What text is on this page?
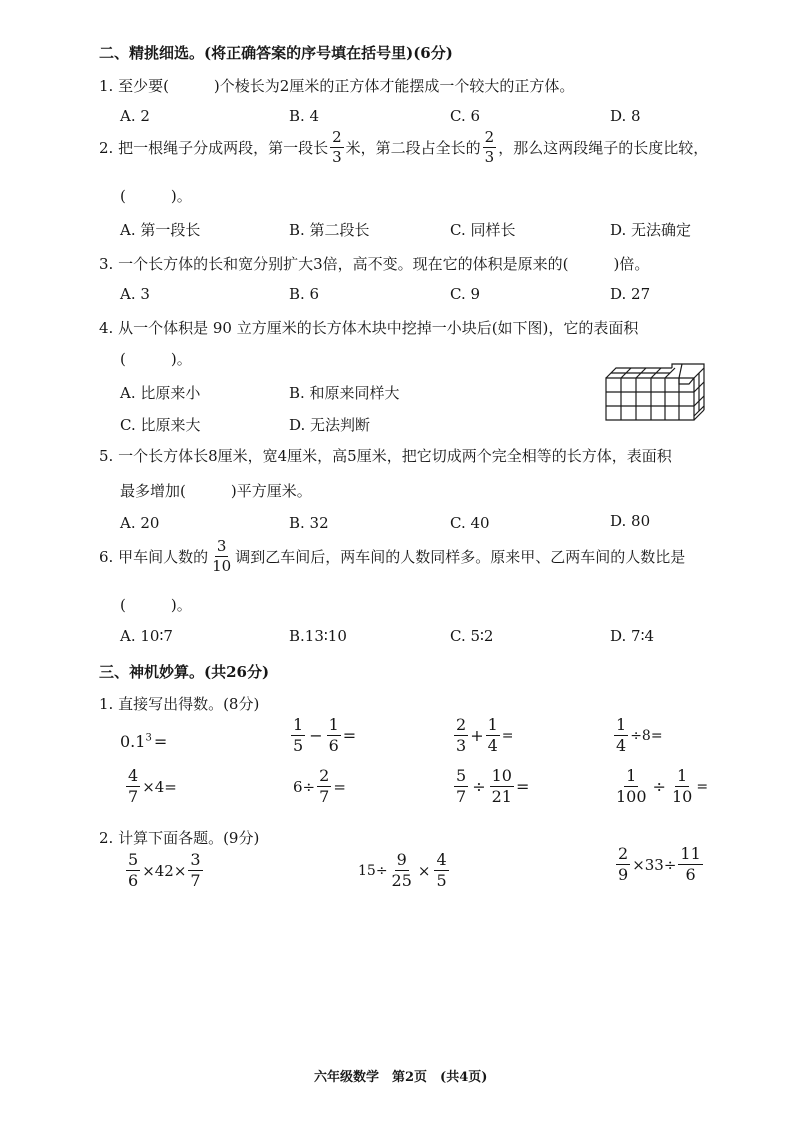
二、精挑细选。(将正确答案的序号填在括号里)(6分)
1. 至少要(　　　)个棱长为2厘米的正方体才能摆成一个较大的正方体。
A. 2	B. 4	C. 6	D. 8
2. 把一根绳子分成两段，第一段长 $\frac{2}{3}$ 米，第二段占全长的 $\frac{2}{3}$ ，那么这两段绳子的长度比较，
(　　　)。
A. 第一段长	B. 第二段长	C. 同样长	D. 无法确定
3. 一个长方体的长和宽分别扩大3倍，高不变。现在它的体积是原来的(　　　)倍。
A. 3	B. 6	C. 9	D. 27
4. 从一个体积是 90 立方厘米的长方体木块中挖掉一小块后(如下图)，它的表面积
(　　　)。
A. 比原来小	B. 和原来同样大
C. 比原来大	D. 无法判断
5. 一个长方体长8厘米，宽4厘米，高5厘米，把它切成两个完全相等的长方体，表面积
最多增加(　　　)平方厘米。
A. 20	B. 32	C. 40	D. 80
6. 甲车间人数的 $\frac{3}{10}$ 调到乙车间后，两车间的人数同样多。原来甲、乙两车间的人数比是
(　　　)。
A. 10∶7	B.13∶10	C. 5∶2	D. 7∶4
三、神机妙算。(共26分)
1. 直接写出得数。(8分)
$0.1^3$ =	$\frac{1}{5} - \frac{1}{6}$ =	$\frac{2}{3} + \frac{1}{4}$ =	$\frac{1}{4} \div 8=$
$\frac{4}{7} \times 4=$	$6\div \frac{2}{7}$ =	$\frac{5}{7} \div \frac{10}{21}$ =	$\frac{1}{100} \div \frac{1}{10}$ =
2. 计算下面各题。(9分)
$\frac{5}{6} \times 42\times \frac{3}{7}$	$15\div \frac{9}{25} \times \frac{4}{5}$	$\frac{2}{9} \times 33\div \frac{11}{6}$
六年级数学　第2页　(共4页)
